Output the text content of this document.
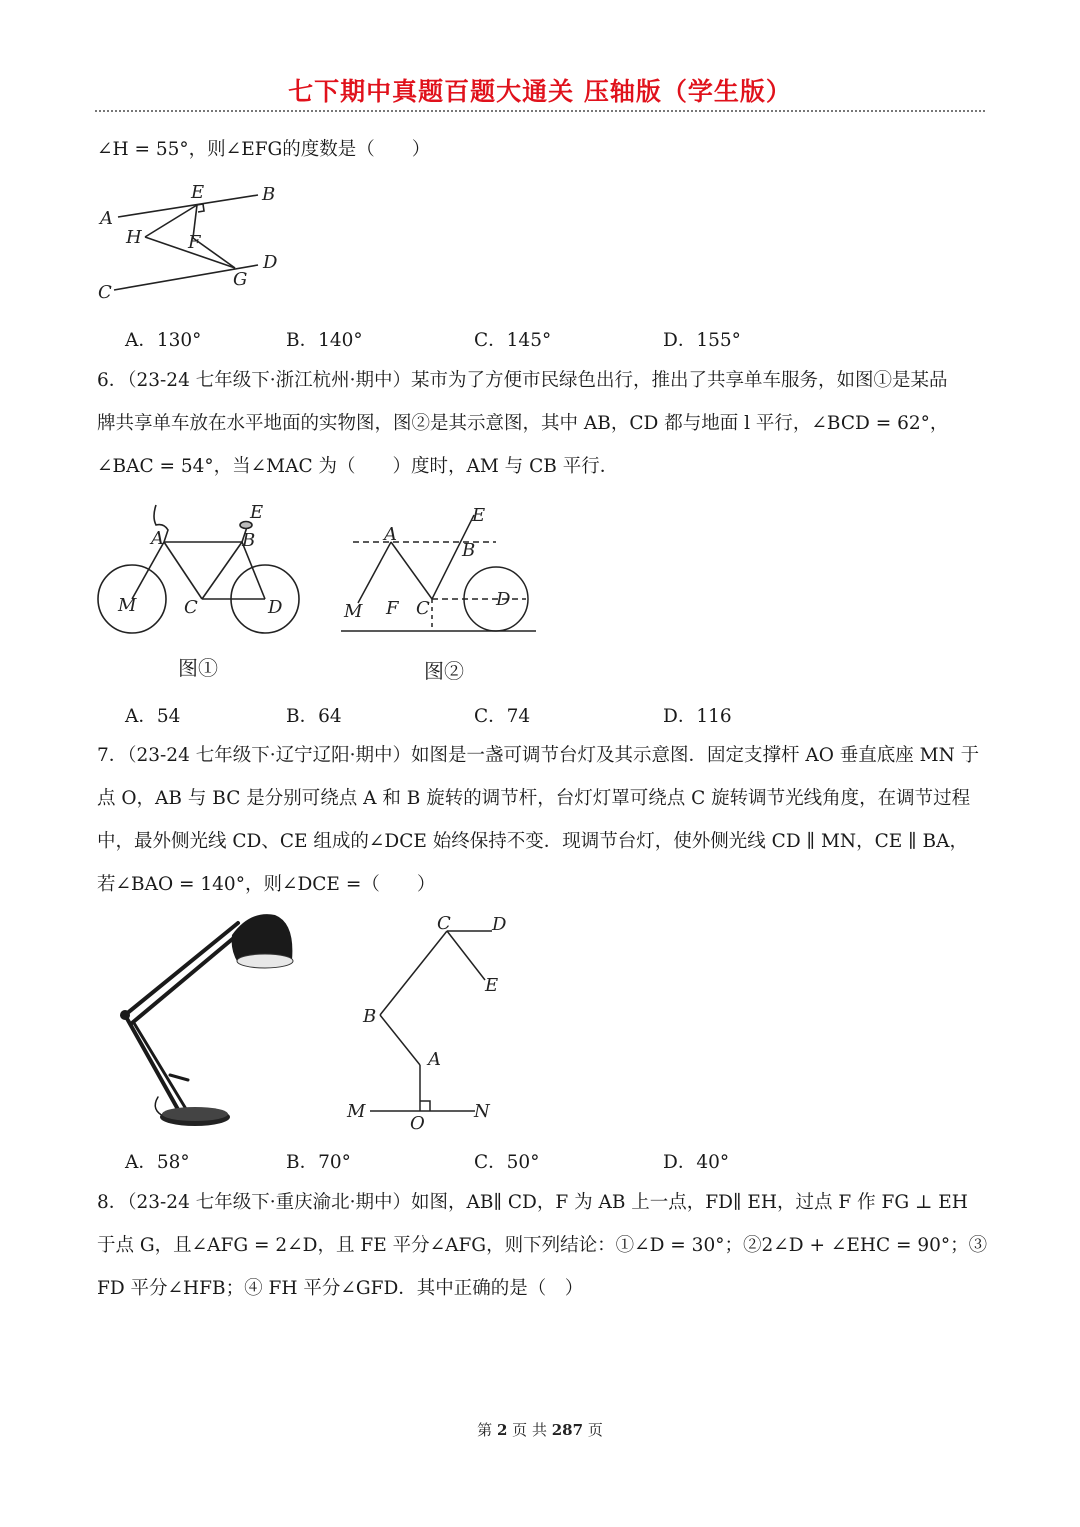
七下期中真题百题大通关 压轴版（学生版）
∠H = 55°，则∠EFG的度数是（　　）
A
B
C
D
E
F
G
H
A．130°	B．140°	C．145°	D．155°
6．（23-24 七年级下·浙江杭州·期中）某市为了方便市民绿色出行，推出了共享单车服务，如图①是某品
牌共享单车放在水平地面的实物图，图②是其示意图，其中 AB，CD 都与地面 l 平行，∠BCD = 62°，
∠BAC = 54°，当∠MAC 为（　　）度时，AM 与 CB 平行．
A	B
C	D
E
M
图①
A
B
C	D
E
F
M
图②
A．54	B．64	C．74	D．116
7．（23-24 七年级下·辽宁辽阳·期中）如图是一盏可调节台灯及其示意图．固定支撑杆 AO 垂直底座 MN 于
点 O，AB 与 BC 是分别可绕点 A 和 B 旋转的调节杆，台灯灯罩可绕点 C 旋转调节光线角度，在调节过程
中，最外侧光线 CD、CE 组成的∠DCE 始终保持不变．现调节台灯，使外侧光线 CD ∥ MN，CE ∥ BA，
若∠BAO = 140°，则∠DCE =（　　）
A
B
C D
E
M	N
O
A．58°	B．70°	C．50°	D．40°
8．（23-24 七年级下·重庆渝北·期中）如图，AB∥ CD，F 为 AB 上一点，FD∥ EH，过点 F 作 FG ⊥ EH
于点 G，且∠AFG = 2∠D，且 FE 平分∠AFG，则下列结论：①∠D = 30°；②2∠D + ∠EHC = 90°；③
FD 平分∠HFB；④ FH 平分∠GFD．其中正确的是（　）
第 2 页 共 287 页
